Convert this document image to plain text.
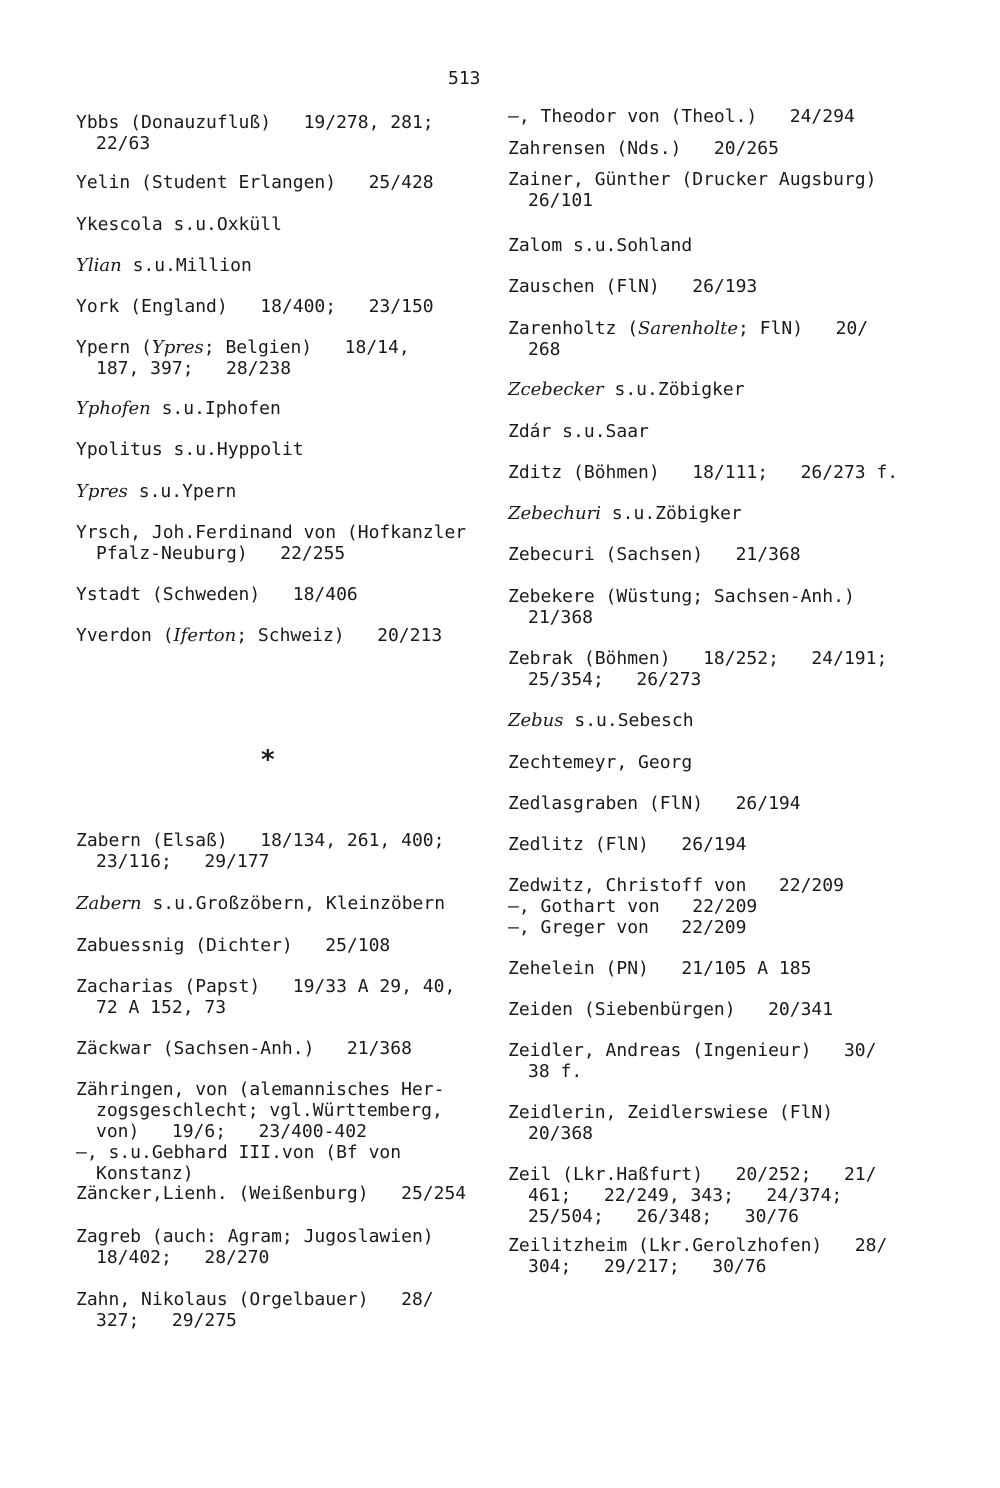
513
Ybbs (Donauzufluß)   19/278, 281;
22/63
Yelin (Student Erlangen)   25/428
Ykescola s.u.Oxküll
Ylian s.u.Million
York (England)   18/400;   23/150
Ypern (Ypres; Belgien)   18/14,
187, 397;   28/238
Yphofen s.u.Iphofen
Ypolitus s.u.Hyppolit
Ypres s.u.Ypern
Yrsch, Joh.Ferdinand von (Hofkanzler
Pfalz-Neuburg)   22/255
Ystadt (Schweden)   18/406
Yverdon (Iferton; Schweiz)   20/213
Zabern (Elsaß)   18/134, 261, 400;
23/116;   29/177
Zabern s.u.Großzöbern, Kleinzöbern
Zabuessnig (Dichter)   25/108
Zacharias (Papst)   19/33 A 29, 40,
72 A 152, 73
Zäckwar (Sachsen-Anh.)   21/368
Zähringen, von (alemannisches Her-
zogsgeschlecht; vgl.Württemberg,
von)   19/6;   23/400-402
—, s.u.Gebhard III.von (Bf von
Konstanz)
Zäncker,Lienh. (Weißenburg)   25/254
Zagreb (auch: Agram; Jugoslawien)
18/402;   28/270
Zahn, Nikolaus (Orgelbauer)   28/
327;   29/275
—, Theodor von (Theol.)   24/294
Zahrensen (Nds.)   20/265
Zainer, Günther (Drucker Augsburg)
26/101
Zalom s.u.Sohland
Zauschen (FlN)   26/193
Zarenholtz (Sarenholte; FlN)   20/
268
Zcebecker s.u.Zöbigker
Zdár s.u.Saar
Zditz (Böhmen)   18/111;   26/273 f.
Zebechuri s.u.Zöbigker
Zebecuri (Sachsen)   21/368
Zebekere (Wüstung; Sachsen-Anh.)
21/368
Zebrak (Böhmen)   18/252;   24/191;
25/354;   26/273
Zebus s.u.Sebesch
Zechtemeyr, Georg
Zedlasgraben (FlN)   26/194
Zedlitz (FlN)   26/194
Zedwitz, Christoff von   22/209
—, Gothart von   22/209
—, Greger von   22/209
Zehelein (PN)   21/105 A 185
Zeiden (Siebenbürgen)   20/341
Zeidler, Andreas (Ingenieur)   30/
38 f.
Zeidlerin, Zeidlerswiese (FlN)
20/368
Zeil (Lkr.Haßfurt)   20/252;   21/
461;   22/249, 343;   24/374;
25/504;   26/348;   30/76
Zeilitzheim (Lkr.Gerolzhofen)   28/
304;   29/217;   30/76
*
